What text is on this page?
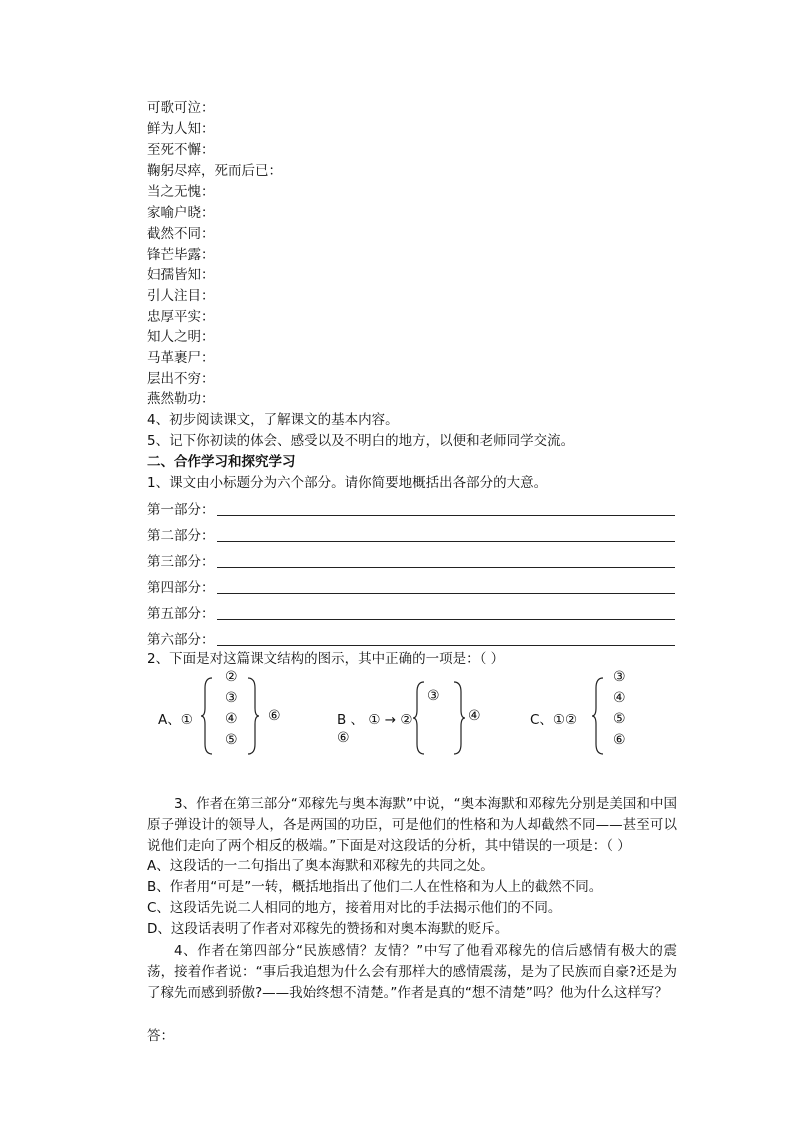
可歌可泣：
鲜为人知：
至死不懈：
鞠躬尽瘁，死而后已：
当之无愧：
家喻户晓：
截然不同：
锋芒毕露：
妇孺皆知：
引人注目：
忠厚平实：
知人之明：
马革裹尸：
层出不穷：
燕然勒功：
4、初步阅读课文，了解课文的基本内容。
5、记下你初读的体会、感受以及不明白的地方，以便和老师同学交流。
二、合作学习和探究学习
1、课文由小标题分为六个部分。请你简要地概括出各部分的大意。
第一部分：
第二部分：
第三部分：
第四部分：
第五部分：
第六部分：
2、下面是对这篇课文结构的图示，其中正确的一项是：（ ）
A、①
②
③
④
⑤
⑥	B 、 ① → ②
⑥
③
④	C、①②
③
④
⑤
⑥
3、作者在第三部分“邓稼先与奥本海默”中说，“奥本海默和邓稼先分别是美国和中国原子弹设计的领导人，各是两国的功臣，可是他们的性格和为人却截然不同——甚至可以说他们走向了两个相反的极端。”下面是对这段话的分析，其中错误的一项是：（ ）
A、这段话的一二句指出了奥本海默和邓稼先的共同之处。
B、作者用“可是”一转，概括地指出了他们二人在性格和为人上的截然不同。
C、这段话先说二人相同的地方，接着用对比的手法揭示他们的不同。
D、这段话表明了作者对邓稼先的赞扬和对奥本海默的贬斥。
4、作者在第四部分“民族感情？友情？”中写了他看邓稼先的信后感情有极大的震荡，接着作者说：“事后我追想为什么会有那样大的感情震荡，是为了民族而自豪?还是为了稼先而感到骄傲?——我始终想不清楚。”作者是真的“想不清楚”吗？他为什么这样写？
答：
